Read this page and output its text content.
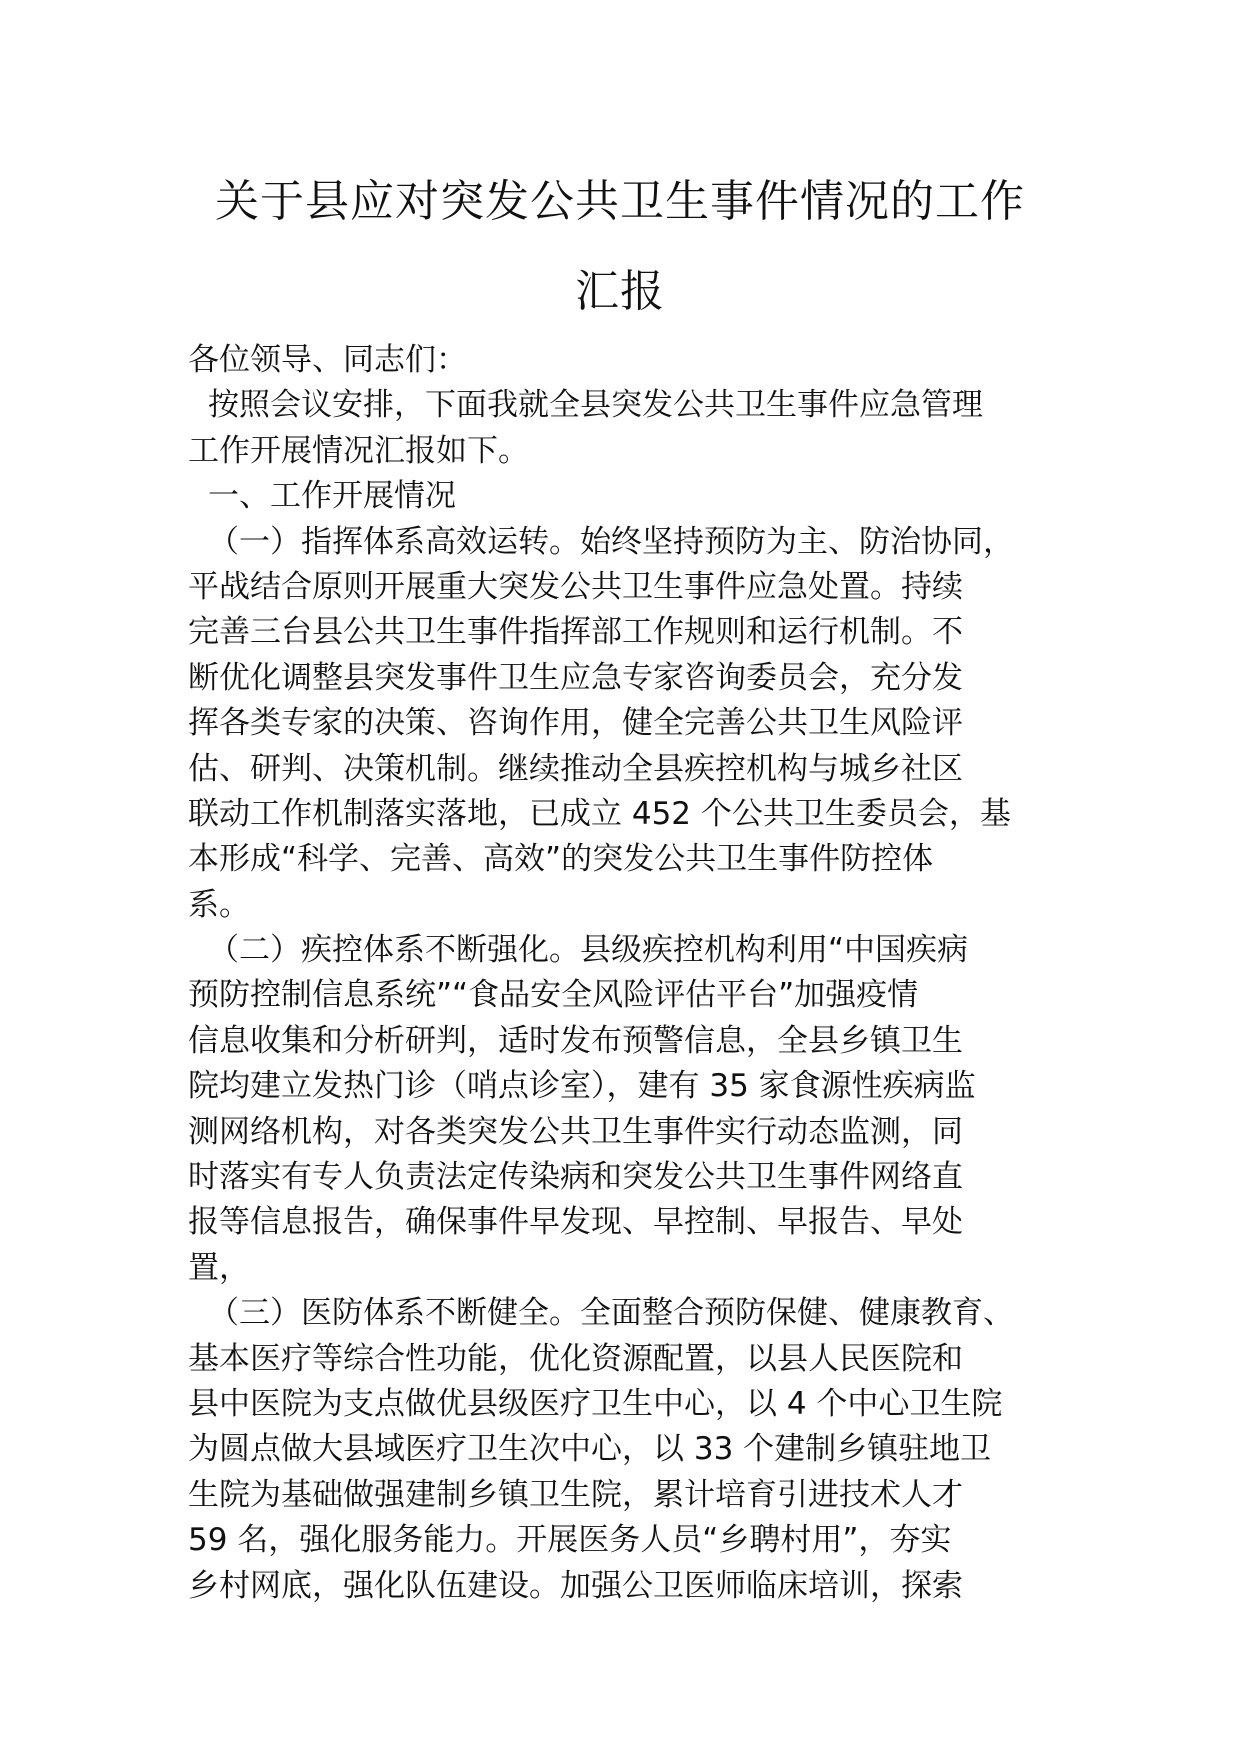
关于县应对突发公共卫生事件情况的工作
汇报
各位领导、同志们：
按照会议安排，下面我就全县突发公共卫生事件应急管理
工作开展情况汇报如下。
一、工作开展情况
（一）指挥体系高效运转。始终坚持预防为主、防治协同，
平战结合原则开展重大突发公共卫生事件应急处置。持续
完善三台县公共卫生事件指挥部工作规则和运行机制。不
断优化调整县突发事件卫生应急专家咨询委员会，充分发
挥各类专家的决策、咨询作用，健全完善公共卫生风险评
估、研判、决策机制。继续推动全县疾控机构与城乡社区
联动工作机制落实落地，已成立 452 个公共卫生委员会，基
本形成“科学、完善、高效”的突发公共卫生事件防控体
系。
（二）疾控体系不断强化。县级疾控机构利用“中国疾病
预防控制信息系统”“食品安全风险评估平台”加强疫情
信息收集和分析研判，适时发布预警信息，全县乡镇卫生
院均建立发热门诊（哨点诊室），建有 35 家食源性疾病监
测网络机构，对各类突发公共卫生事件实行动态监测，同
时落实有专人负责法定传染病和突发公共卫生事件网络直
报等信息报告，确保事件早发现、早控制、早报告、早处
置，
（三）医防体系不断健全。全面整合预防保健、健康教育、
基本医疗等综合性功能，优化资源配置，以县人民医院和
县中医院为支点做优县级医疗卫生中心，以 4 个中心卫生院
为圆点做大县域医疗卫生次中心，以 33 个建制乡镇驻地卫
生院为基础做强建制乡镇卫生院，累计培育引进技术人才
59 名，强化服务能力。开展医务人员“乡聘村用”，夯实
乡村网底，强化队伍建设。加强公卫医师临床培训，探索
